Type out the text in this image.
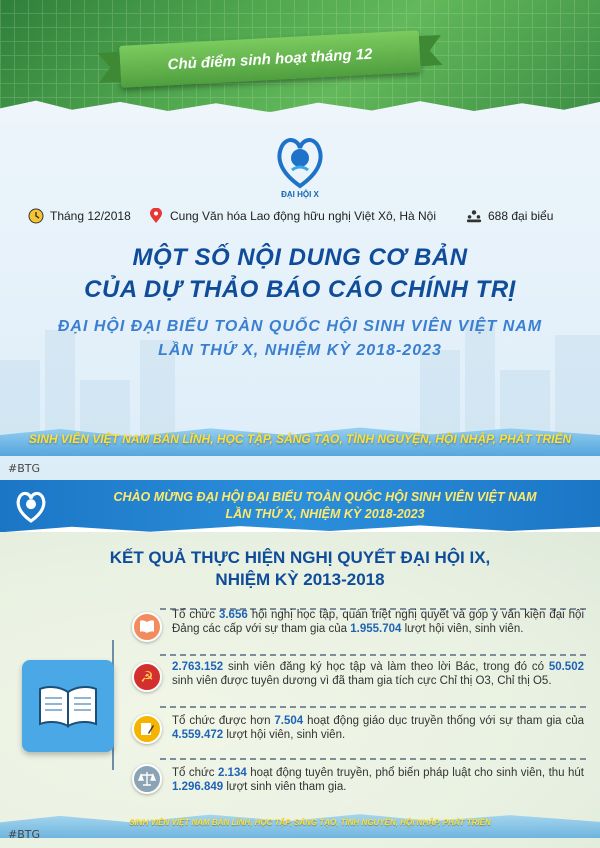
Chủ điểm sinh hoạt tháng 12
ĐẠI HỘI X
Tháng 12/2018	Cung Văn hóa Lao động hữu nghị Việt Xô, Hà Nội	688 đại biểu
MỘT SỐ NỘI DUNG CƠ BẢN
CỦA DỰ THẢO BÁO CÁO CHÍNH TRỊ
ĐẠI HỘI ĐẠI BIỂU TOÀN QUỐC HỘI SINH VIÊN VIỆT NAM
LẦN THỨ X, NHIỆM KỲ 2018-2023
SINH VIÊN VIỆT NAM BẢN LĨNH, HỌC TẬP, SÁNG TẠO, TÌNH NGUYỆN, HỘI NHẬP, PHÁT TRIỂN
#BTG
CHÀO MỪNG ĐẠI HỘI ĐẠI BIỂU TOÀN QUỐC HỘI SINH VIÊN VIỆT NAM
LẦN THỨ X, NHIỆM KỲ 2018-2023
KẾT QUẢ THỰC HIỆN NGHỊ QUYẾT ĐẠI HỘI IX,
NHIỆM KỲ 2013-2018
Tổ chức 3.656 hội nghị học tập, quán triệt nghị quyết và góp ý văn kiện đại hội Đảng các cấp với sự tham gia của 1.955.704 lượt hội viên, sinh viên.
☭
2.763.152 sinh viên đăng ký học tập và làm theo lời Bác, trong đó có 50.502 sinh viên được tuyên dương vì đã tham gia tích cực Chỉ thị O3, Chỉ thị O5.
Tổ chức được hơn 7.504 hoạt động giáo dục truyền thống với sự tham gia của 4.559.472 lượt hội viên, sinh viên.
Tổ chức 2.134 hoạt động tuyên truyền, phổ biến pháp luật cho sinh viên, thu hút 1.296.849 lượt sinh viên tham gia.
SINH VIÊN VIỆT NAM BẢN LĨNH, HỌC TẬP, SÁNG TẠO, TÌNH NGUYỆN, HỘI NHẬP, PHÁT TRIỂN
#BTG
